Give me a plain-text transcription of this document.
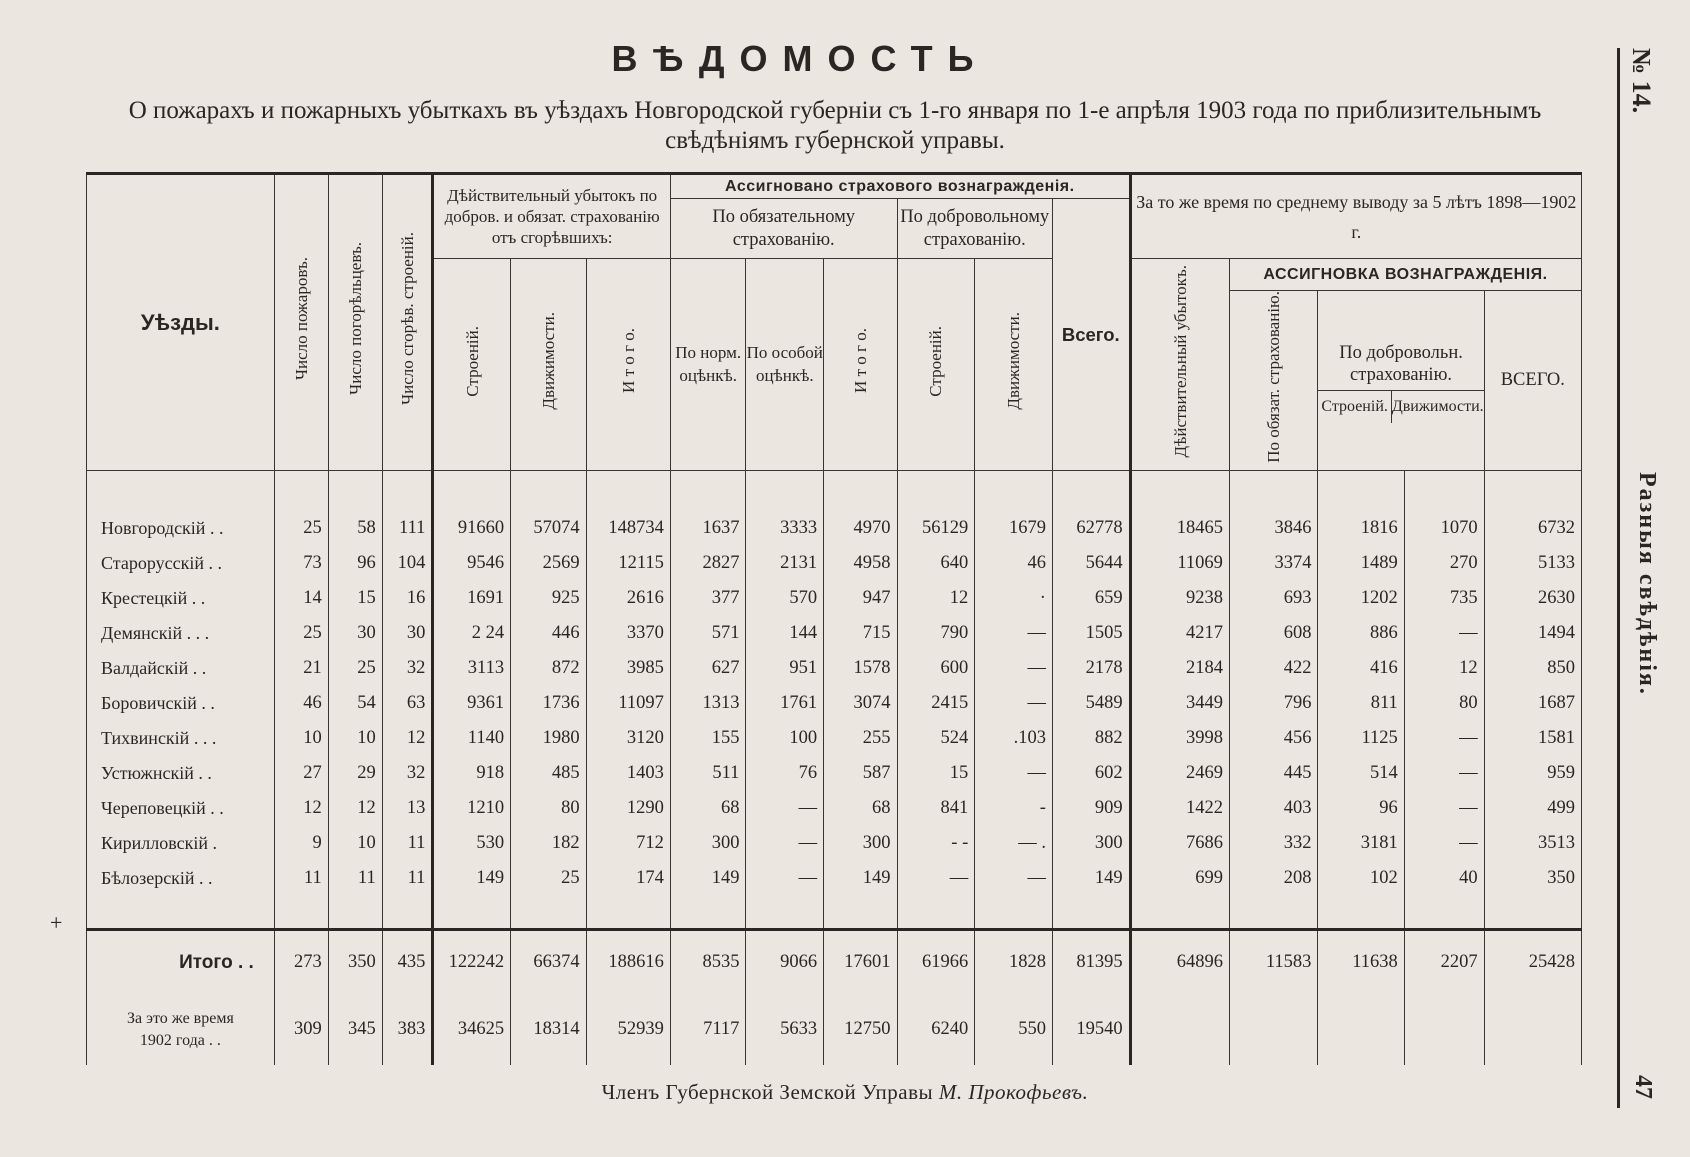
ВѢДОМОСТЬ

О пожарахъ и пожарныхъ убыткахъ въ уѣздахъ Новгородской губерніи съ 1-го января по 1-е апрѣля 1903 года по приблизительнымъ свѣдѣніямъ губернской управы.

№ 14.
Разныя свѣдѣнія.
47
+
Уѣзды.	Число пожаровъ.	Число погорѣльцевъ.	Число сгорѣв. строеній.	Дѣйствительный убытокъ по добров. и обязат. страхованію отъ сгорѣвшихъ:			Ассигновано страхового вознагражденія.						За то же время по среднему выводу за 5 лѣтъ 1898—1902 г.				
							По обязательному страхованію.			По добровольному страхованію.		Всего.					
				Строеній.	Движимости.	И т о г о.	По норм. оцѣнкѣ.	По особой оцѣнкѣ.	И т о г о.	Строеній.	Движимости.		Дѣйствительный убытокъ.	АССИГНОВКА ВОЗНАГРАЖДЕНІЯ.			
														По обязат. страхованію.	По добровольн. страхованію.
Строеній. Движимости.		ВСЕГО.

Новгородскій . .	25	58	111	91660	57074	148734	1637	3333	4970	56129	1679	62778	18465	3846	1816	1070	6732
Старорусскій . .	73	96	104	9546	2569	12115	2827	2131	4958	640	46	5644	11069	3374	1489	270	5133
Крестецкій . .	14	15	16	1691	925	2616	377	570	947	12	·	659	9238	693	1202	735	2630
Демянскій . . .	25	30	30	2 24	446	3370	571	144	715	790	—	1505	4217	608	886	—	1494
Валдайскій . .	21	25	32	3113	872	3985	627	951	1578	600	—	2178	2184	422	416	12	850
Боровичскій . .	46	54	63	9361	1736	11097	1313	1761	3074	2415	—	5489	3449	796	811	80	1687
Тихвинскій . . .	10	10	12	1140	1980	3120	155	100	255	524	.103	882	3998	456	1125	—	1581
Устюжнскій . .	27	29	32	918	485	1403	511	76	587	15	—	602	2469	445	514	—	959
Череповецкій . .	12	12	13	1210	80	1290	68	—	68	841	-	909	1422	403	96	—	499
Кирилловскій .	9	10	11	530	182	712	300	—	300	- -	— .	300	7686	332	3181	—	3513
Бѣлозерскій . .	11	11	11	149	25	174	149	—	149	—	—	149	699	208	102	40	350

Итого . .	273	350	435	122242	66374	188616	8535	9066	17601	61966	1828	81395	64896	11583	11638	2207	25428
За это же время
1902 года . .	309	345	383	34625	18314	52939	7117	5633	12750	6240	550	19540					
Членъ Губернской Земской Управы М. Прокофьевъ.
